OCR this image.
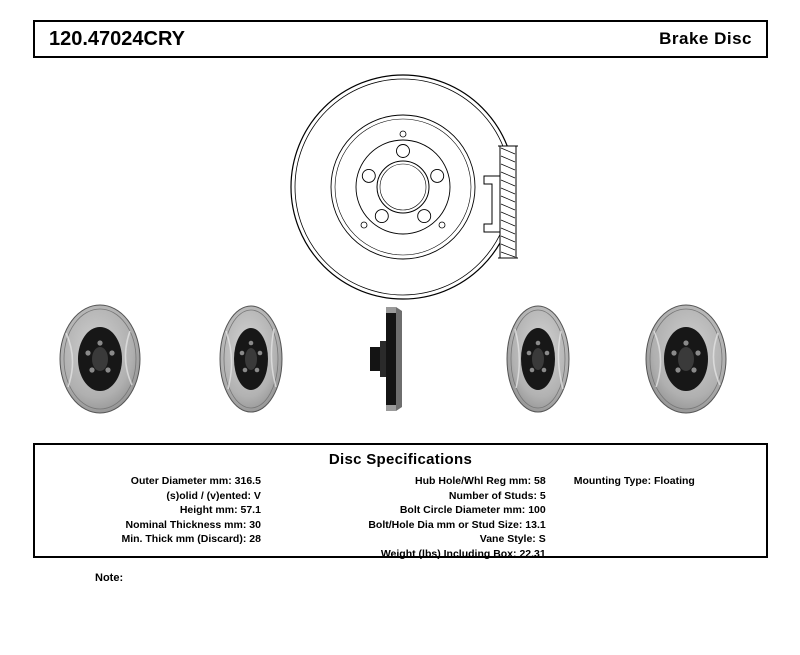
120.47024CRY	Brake Disc
Disc Specifications
Outer Diameter mm: 316.5
(s)olid / (v)ented: V
Height mm: 57.1
Nominal Thickness mm: 30
Min. Thick mm (Discard): 28
Hub Hole/Whl Reg mm: 58
Number of Studs: 5
Bolt Circle Diameter mm: 100
Bolt/Hole Dia mm or Stud Size: 13.1
Vane Style: S
Weight (lbs) Including Box: 22.31
Mounting Type: Floating
Note:
